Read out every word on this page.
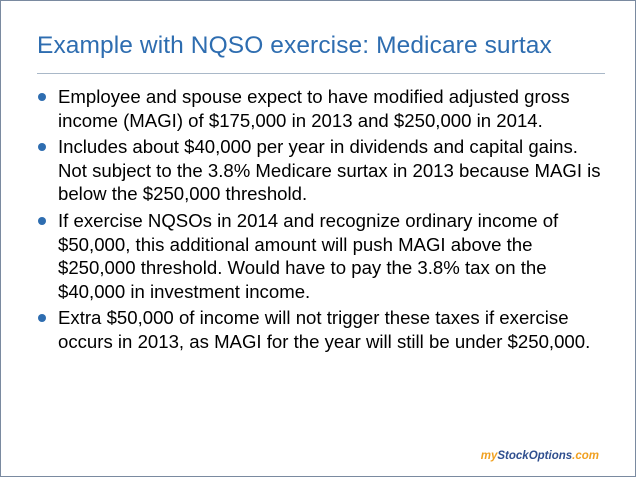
Example with NQSO exercise: Medicare surtax
Employee and spouse expect to have modified adjusted gross income (MAGI) of $175,000 in 2013 and $250,000 in 2014.
Includes about $40,000 per year in dividends and capital gains. Not subject to the 3.8% Medicare surtax in 2013 because MAGI is below the $250,000 threshold.
If exercise NQSOs in 2014 and recognize ordinary income of $50,000, this additional amount will push MAGI above the $250,000 threshold. Would have to pay the 3.8% tax on the $40,000 in investment income.
Extra $50,000 of income will not trigger these taxes if exercise occurs in 2013, as MAGI for the year will still be under $250,000.
myStockOptions.com
